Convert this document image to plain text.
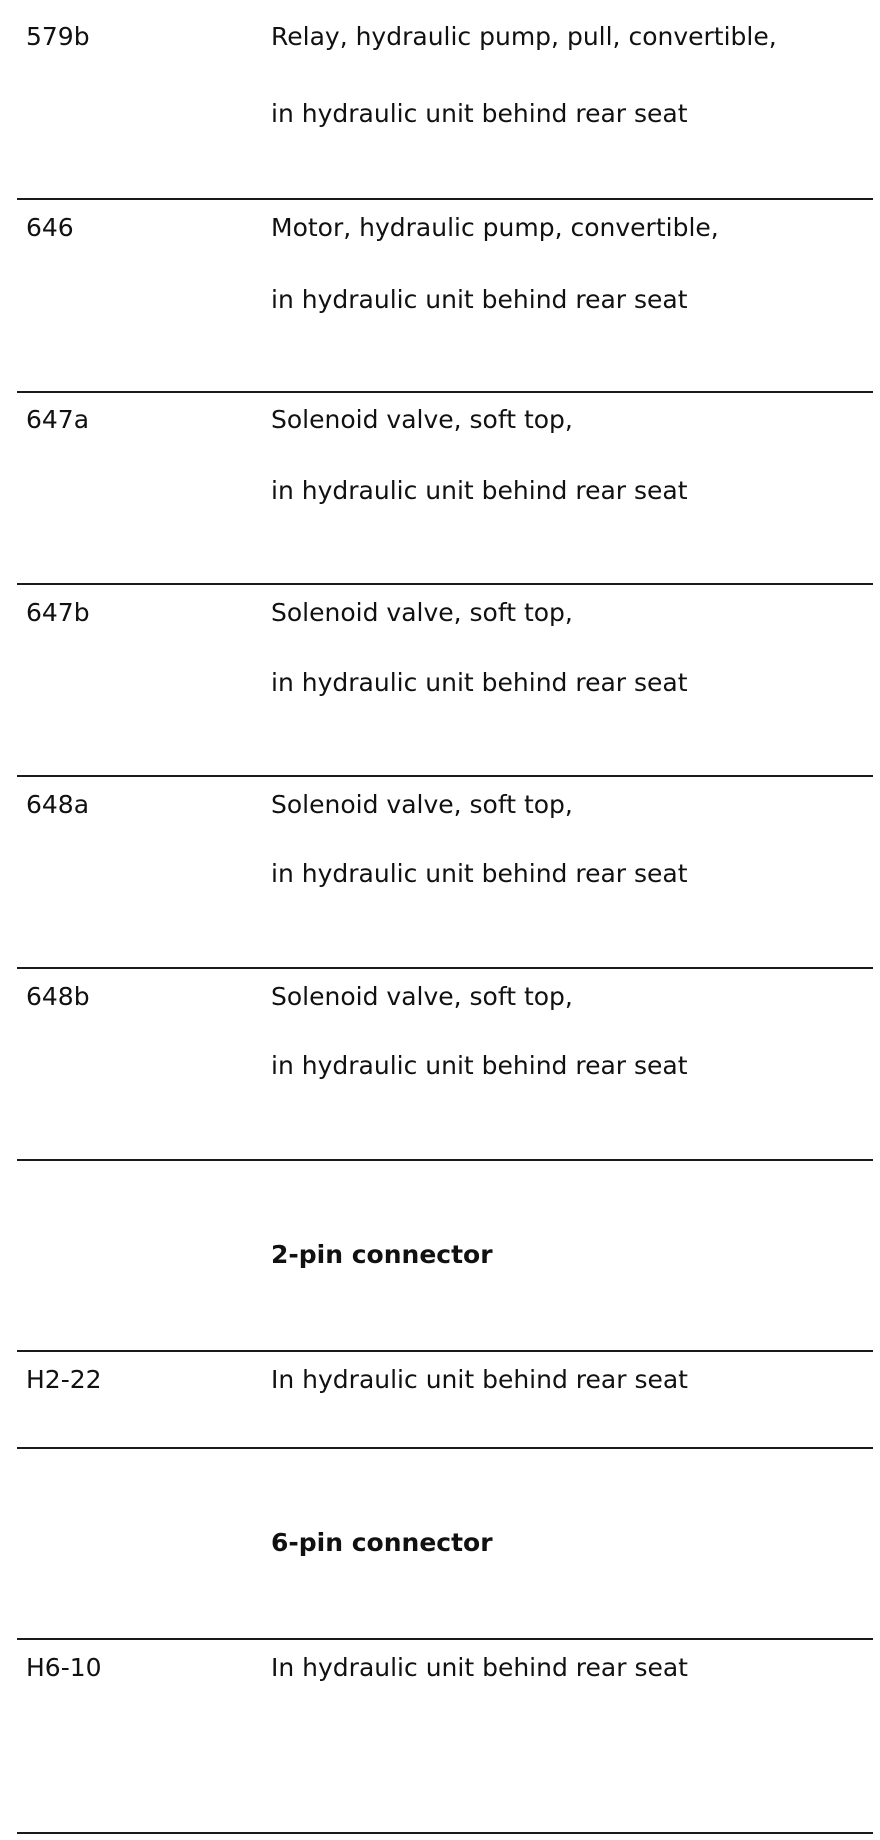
579b	Relay, hydraulic pump, pull, convertible,
in hydraulic unit behind rear seat
646	Motor, hydraulic pump, convertible,
in hydraulic unit behind rear seat
647a	Solenoid valve, soft top,
in hydraulic unit behind rear seat
647b	Solenoid valve, soft top,
in hydraulic unit behind rear seat
648a	Solenoid valve, soft top,
in hydraulic unit behind rear seat
648b	Solenoid valve, soft top,
in hydraulic unit behind rear seat
2-pin connector
H2-22	In hydraulic unit behind rear seat
6-pin connector
H6-10	In hydraulic unit behind rear seat
